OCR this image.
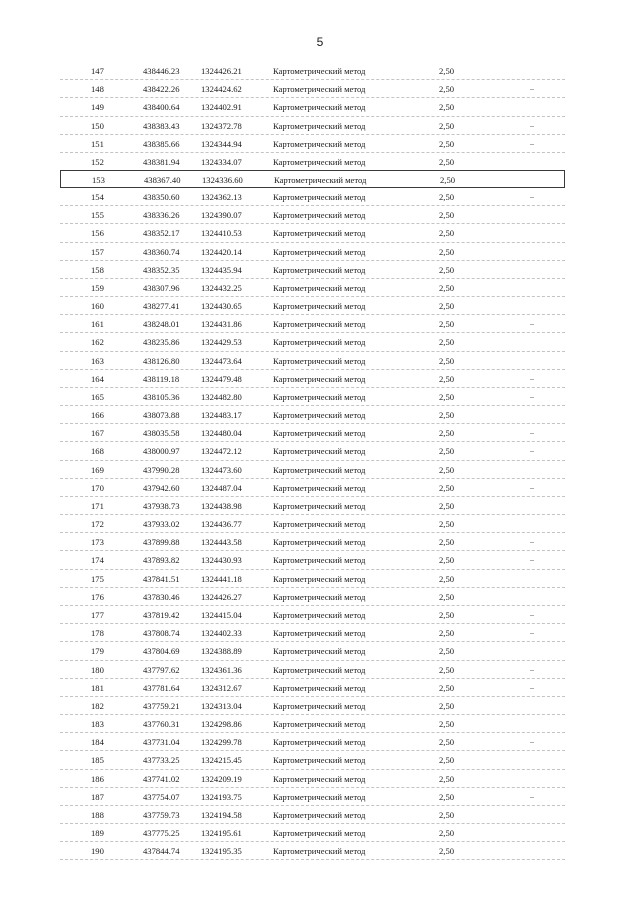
5
147	438446.23 1324426.21	Картометрический метод	2,50
148	438422.26 1324424.62	Картометрический метод	2,50	–
149	438400.64 1324402.91	Картометрический метод	2,50
150	438383.43 1324372.78	Картометрический метод	2,50	–
151	438385.66 1324344.94	Картометрический метод	2,50	–
152	438381.94 1324334.07	Картометрический метод	2,50
153	438367.40 1324336.60	Картометрический метод	2,50
154	438350.60 1324362.13	Картометрический метод	2,50	–
155	438336.26 1324390.07	Картометрический метод	2,50
156	438352.17 1324410.53	Картометрический метод	2,50
157	438360.74 1324420.14	Картометрический метод	2,50
158	438352.35 1324435.94	Картометрический метод	2,50
159	438307.96 1324432.25	Картометрический метод	2,50
160	438277.41 1324430.65	Картометрический метод	2,50
161	438248.01 1324431.86	Картометрический метод	2,50	–
162	438235.86 1324429.53	Картометрический метод	2,50
163	438126.80 1324473.64	Картометрический метод	2,50
164	438119.18	1324479.48	Картометрический метод	2,50	–
165	438105.36 1324482.80	Картометрический метод	2,50	–
166	438073.88 1324483.17	Картометрический метод	2,50
167	438035.58 1324480.04	Картометрический метод	2,50	–
168	438000.97 1324472.12	Картометрический метод	2,50	–
169	437990.28 1324473.60	Картометрический метод	2,50
170	437942.60 1324487.04	Картометрический метод	2,50	–
171	437938.73 1324438.98	Картометрический метод	2,50
172	437933.02 1324436.77	Картометрический метод	2,50
173	437899.88 1324443.58	Картометрический метод	2,50	–
174	437893.82 1324430.93	Картометрический метод	2,50	–
175	437841.51 1324441.18	Картометрический метод	2,50
176	437830.46 1324426.27	Картометрический метод	2,50
177	437819.42 1324415.04	Картометрический метод	2,50	–
178	437808.74 1324402.33	Картометрический метод	2,50	–
179	437804.69 1324388.89	Картометрический метод	2,50
180	437797.62 1324361.36	Картометрический метод	2,50	–
181	437781.64 1324312.67	Картометрический метод	2,50	–
182	437759.21 1324313.04	Картометрический метод	2,50
183	437760.31 1324298.86	Картометрический метод	2,50
184	437731.04 1324299.78	Картометрический метод	2,50	–
185	437733.25 1324215.45	Картометрический метод	2,50
186	437741.02 1324209.19	Картометрический метод	2,50
187	437754.07 1324193.75	Картометрический метод	2,50	–
188	437759.73 1324194.58	Картометрический метод	2,50
189	437775.25 1324195.61	Картометрический метод	2,50
190	437844.74 1324195.35	Картометрический метод	2,50
